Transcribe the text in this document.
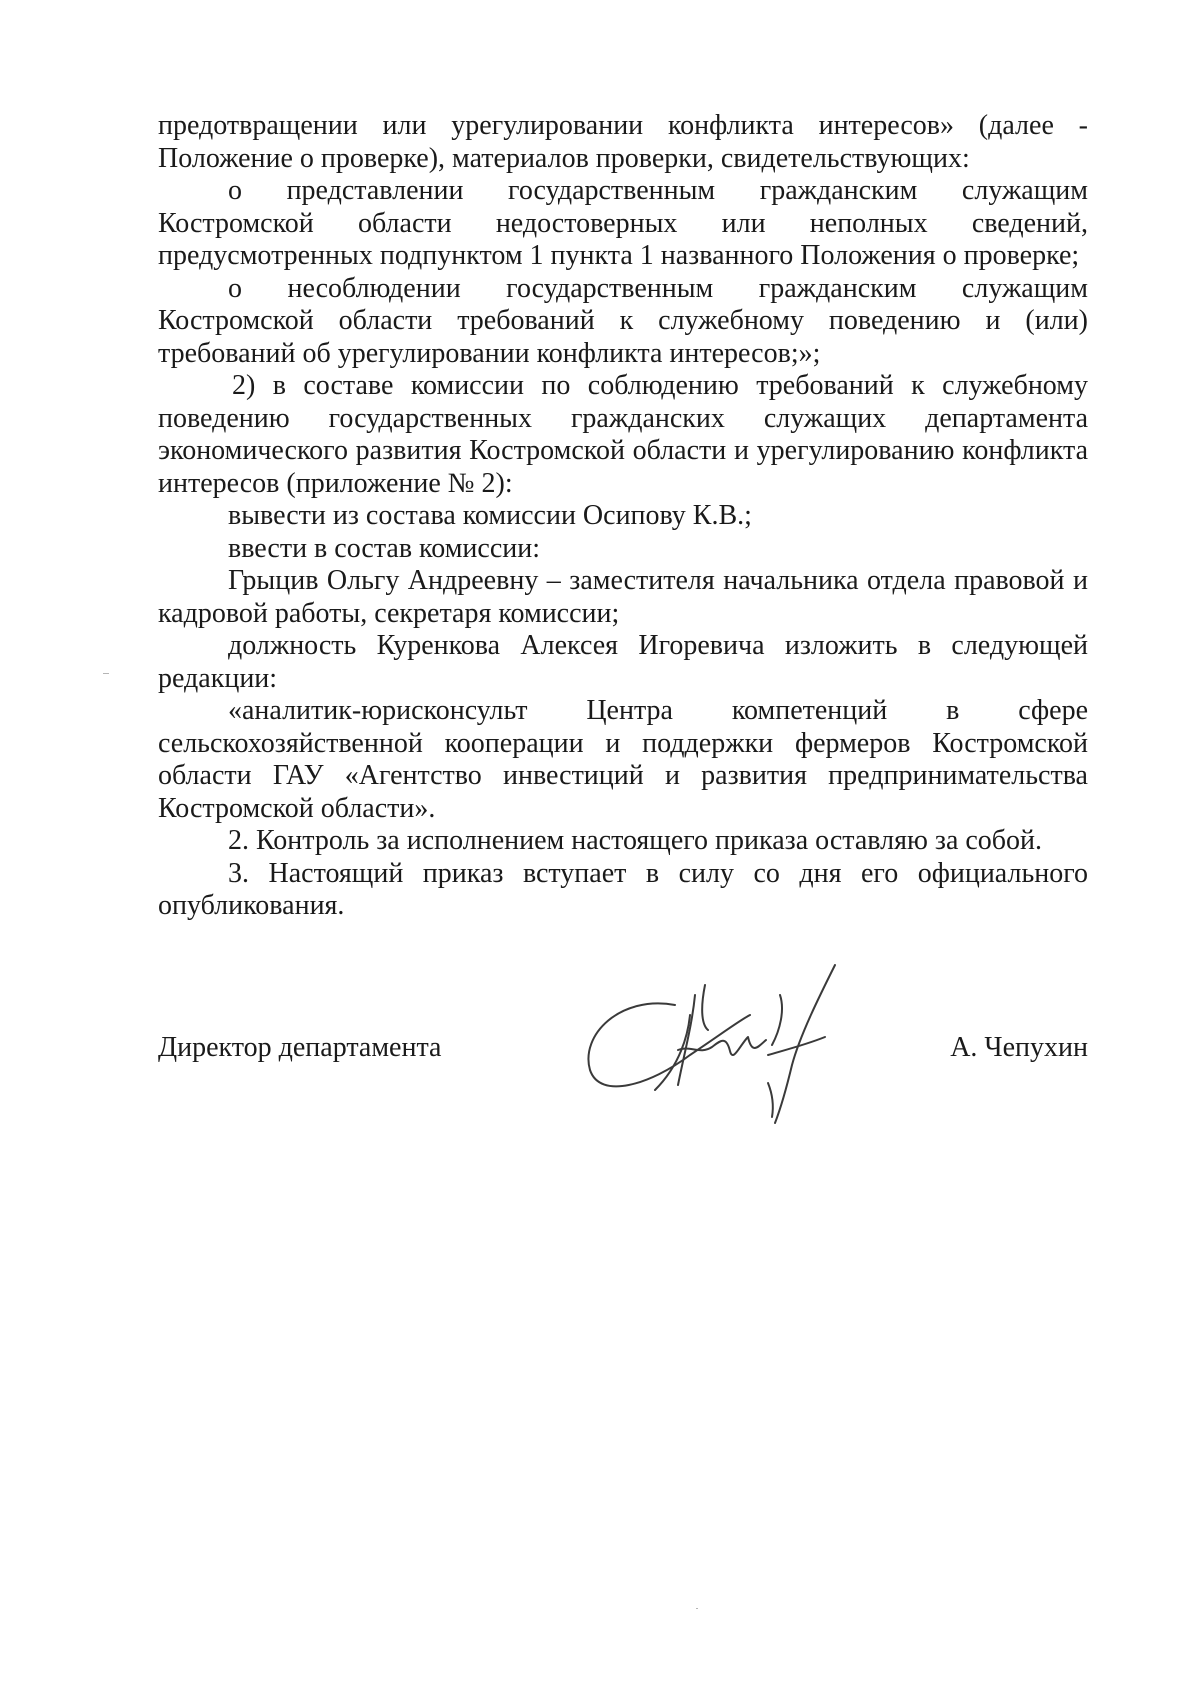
предотвращении или урегулировании конфликта интересов» (далее - Положение о проверке), материалов проверки, свидетельствующих:

о представлении государственным гражданским служащим Костромской области недостоверных или неполных сведений, предусмотренных подпунктом 1 пункта 1 названного Положения о проверке;

о несоблюдении государственным гражданским служащим Костромской области требований к служебному поведению и (или) требований об урегулировании конфликта интересов;»;

2) в составе комиссии по соблюдению требований к служебному поведению государственных гражданских служащих департамента экономического развития Костромской области и урегулированию конфликта интересов (приложение № 2):

вывести из состава комиссии Осипову К.В.;

ввести в состав комиссии:

Грыцив Ольгу Андреевну – заместителя начальника отдела правовой и кадровой работы, секретаря комиссии;

должность Куренкова Алексея Игоревича изложить в следующей редакции:

«аналитик-юрисконсульт Центра компетенций в сфере сельскохозяйственной кооперации и поддержки фермеров Костромской области ГАУ «Агентство инвестиций и развития предпринимательства Костромской области».

2. Контроль за исполнением настоящего приказа оставляю за собой.

3. Настоящий приказ вступает в силу со дня его официального опубликования.

Директор департамента	А. Чепухин
